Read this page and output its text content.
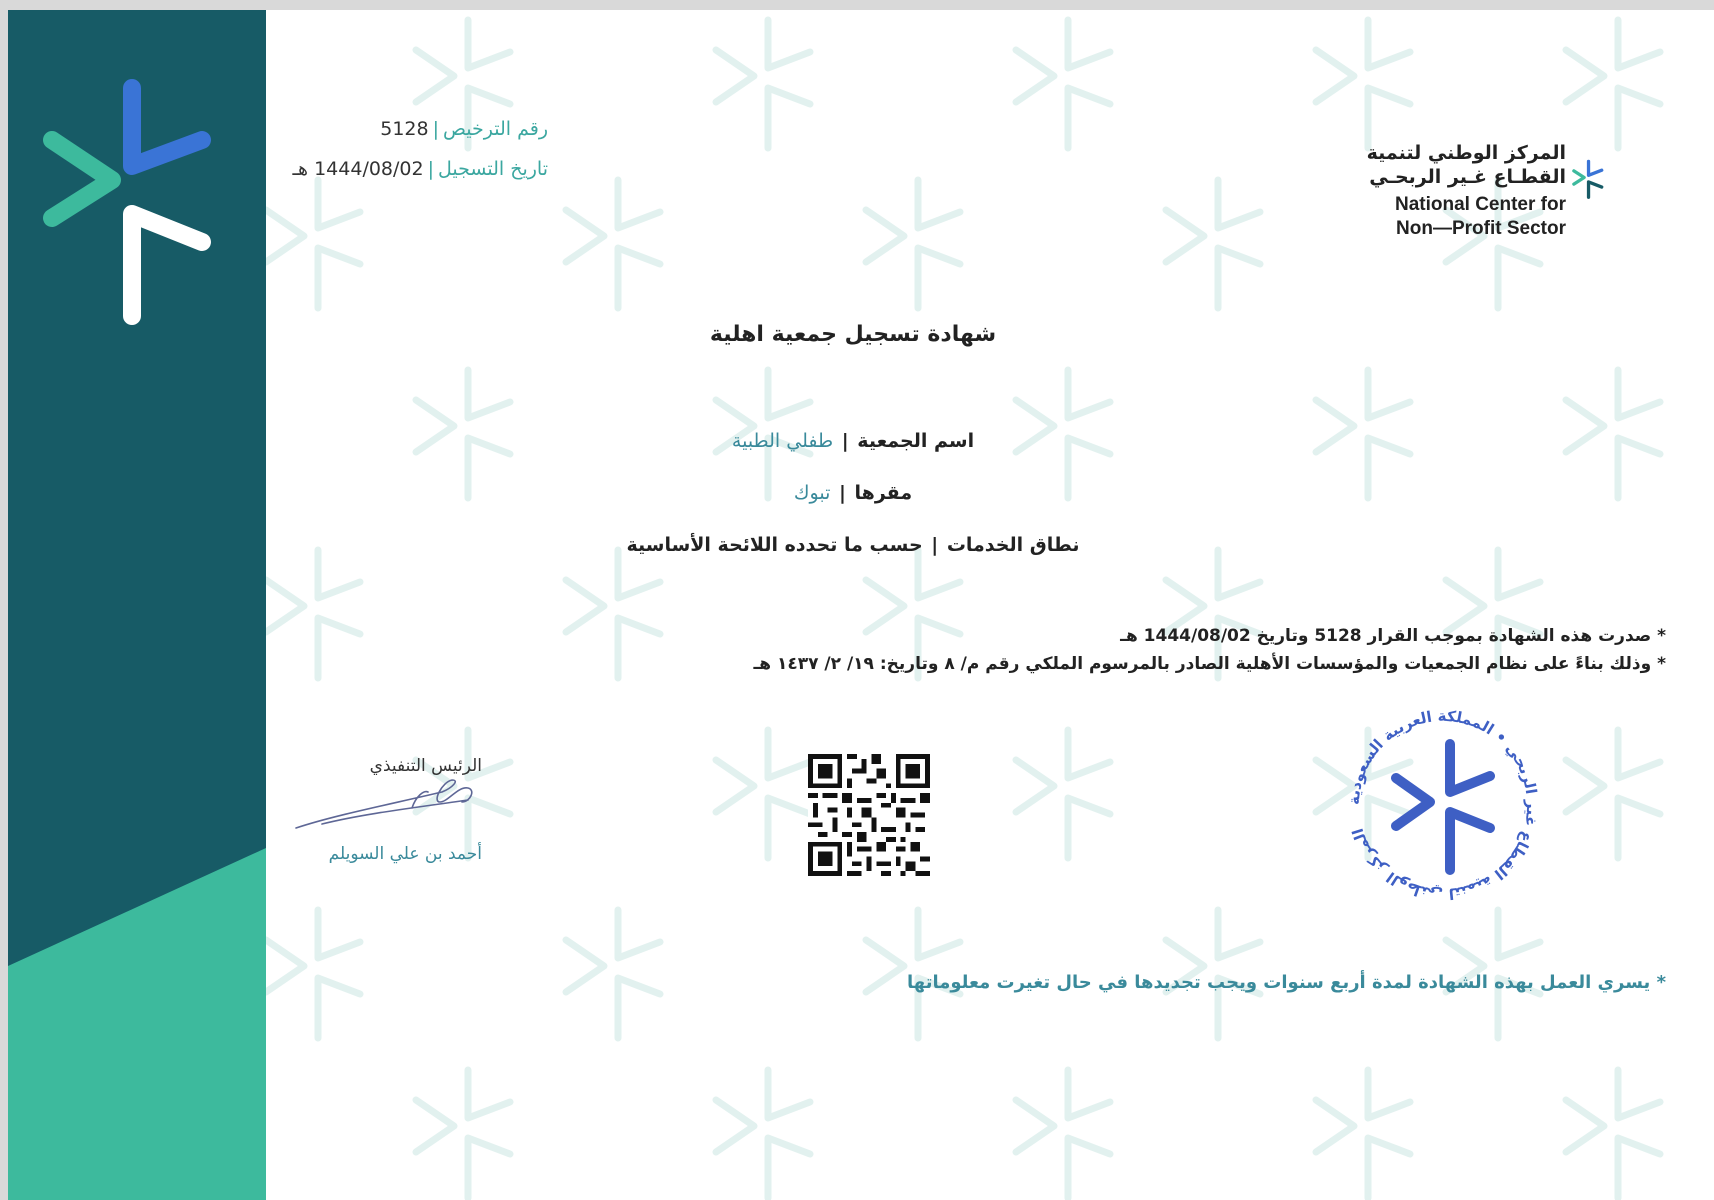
رقم الترخيص|5128
تاريخ التسجيل|1444/08/02 هـ
المركز الوطني لتنمية
القطـاع غـير الربحـي
National Center for
Non—Profit Sector
شهادة تسجيل جمعية اهلية
اسم الجمعية | طفلي الطبية
مقرها | تبوك
نطاق الخدمات | حسب ما تحدده اللائحة الأساسية
* صدرت هذه الشهادة بموجب القرار 5128 وتاريخ 1444/08/02 هـ
* وذلك بناءً على نظام الجمعيات والمؤسسات الأهلية الصادر بالمرسوم الملكي رقم م/ ٨ وتاريخ: ١٩/ ٢/ ١٤٣٧ هـ
* يسري العمل بهذه الشهادة لمدة أربع سنوات ويجب تجديدها في حال تغيرت معلوماتها
المركز الوطني لتنمية القطاع غير الربحي • المملكة العربية السعودية
الرئيس التنفيذي
أحمد بن علي السويلم
